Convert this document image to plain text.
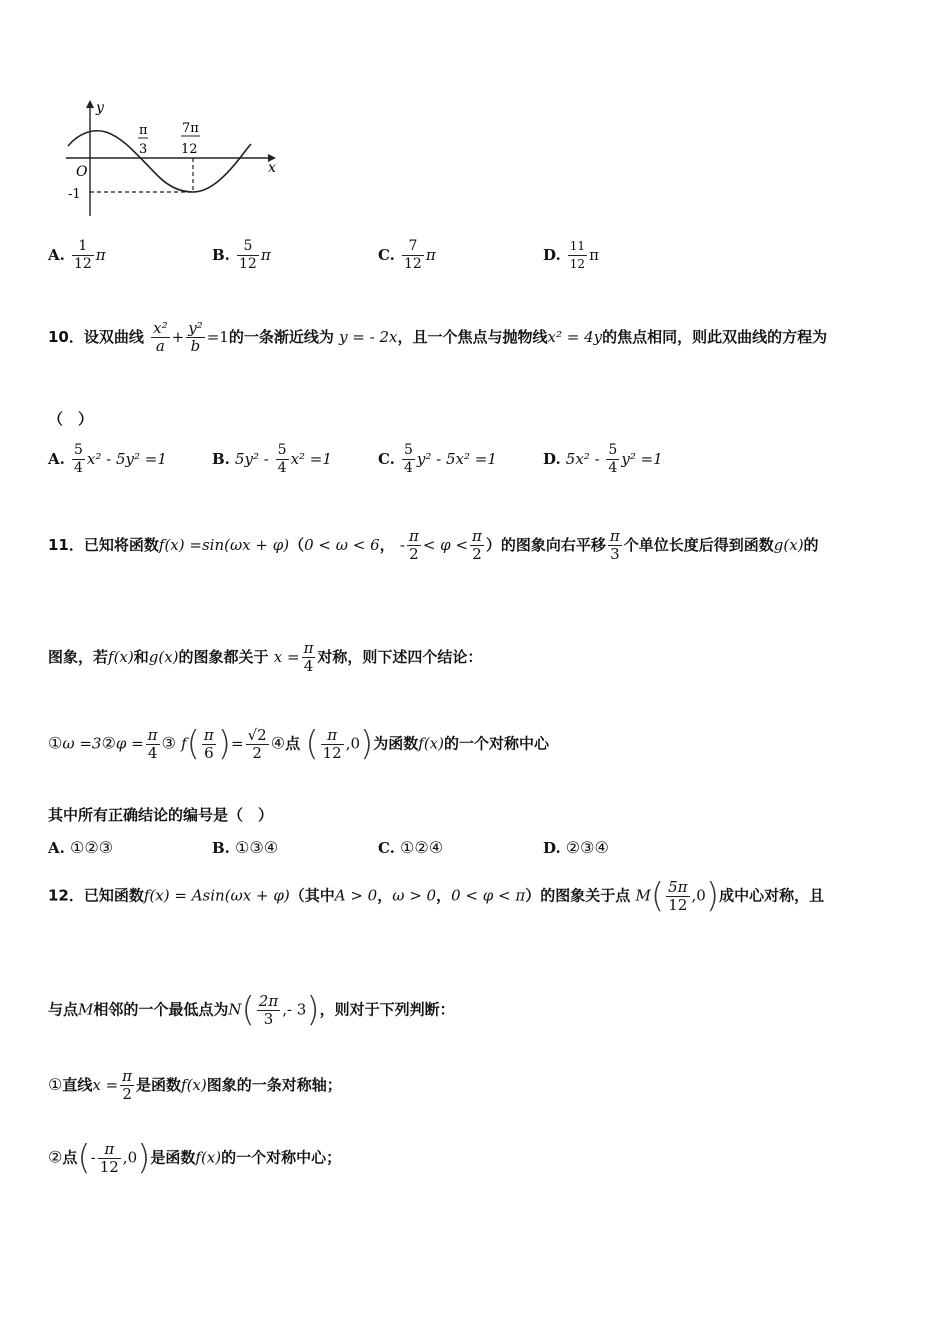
y
x
O
-1
π
3
7π
12
A. $\frac{1}{12}$ π	B. $\frac{5}{12}$ π	C. $\frac{7}{12}$ π	D. $\frac{11}{12}$ π
10．设双曲线 $\frac{\text{x²}}{a} + \frac{\text{y²}}{b} =1$的一条渐近线为 y = - 2x，且一个焦点与抛物线x² = 4y的焦点相同，则此双曲线的方程为
（　）
A. $\frac{5}{4} x^2 - 5y^2 =1$	B. $5y^2 - \frac{5}{4} x^2 =1$	C. $\frac{5}{4} y^2 - 5x^2 =1$	D. $5x^2 - \frac{5}{4} y^2 =1$
11．已知将函数f(x) =sin(ωx + φ)（0 < ω < 6， - $\frac{\pi}{2} < \varphi < \frac{\pi}{2}$ ）的图象向右平移 $\frac{\pi}{3}$ 个单位长度后得到函数g(x)的
图象，若f(x)和g(x)的图象都关于 $x = \frac{\pi}{4}$ 对称，则下述四个结论：
①ω =3②φ = $\frac{\pi}{4}$ ③ $f( \frac{\pi}{6}$ )= $\frac{√2}{2}$ ④点 ( $\frac{\pi}{12} ,0$)为函数f(x)的一个对称中心
其中所有正确结论的编号是（　）
A. ①②③	B. ①③④	C. ①②④	D. ②③④
12．已知函数f(x) = Asin(ωx + φ)（其中A > 0，ω > 0，0 < φ < π）的图象关于点 $M( \frac{5\pi}{12} ,0)$成中心对称，且
与点M相邻的一个最低点为$N( \frac{2\pi}{3}$ ,- 3)，则对于下列判断：
①直线$x = \frac{\pi}{2}$ 是函数f(x)图象的一条对称轴；
②点(- $\frac{\pi}{12} ,0$)是函数f(x)的一个对称中心；
